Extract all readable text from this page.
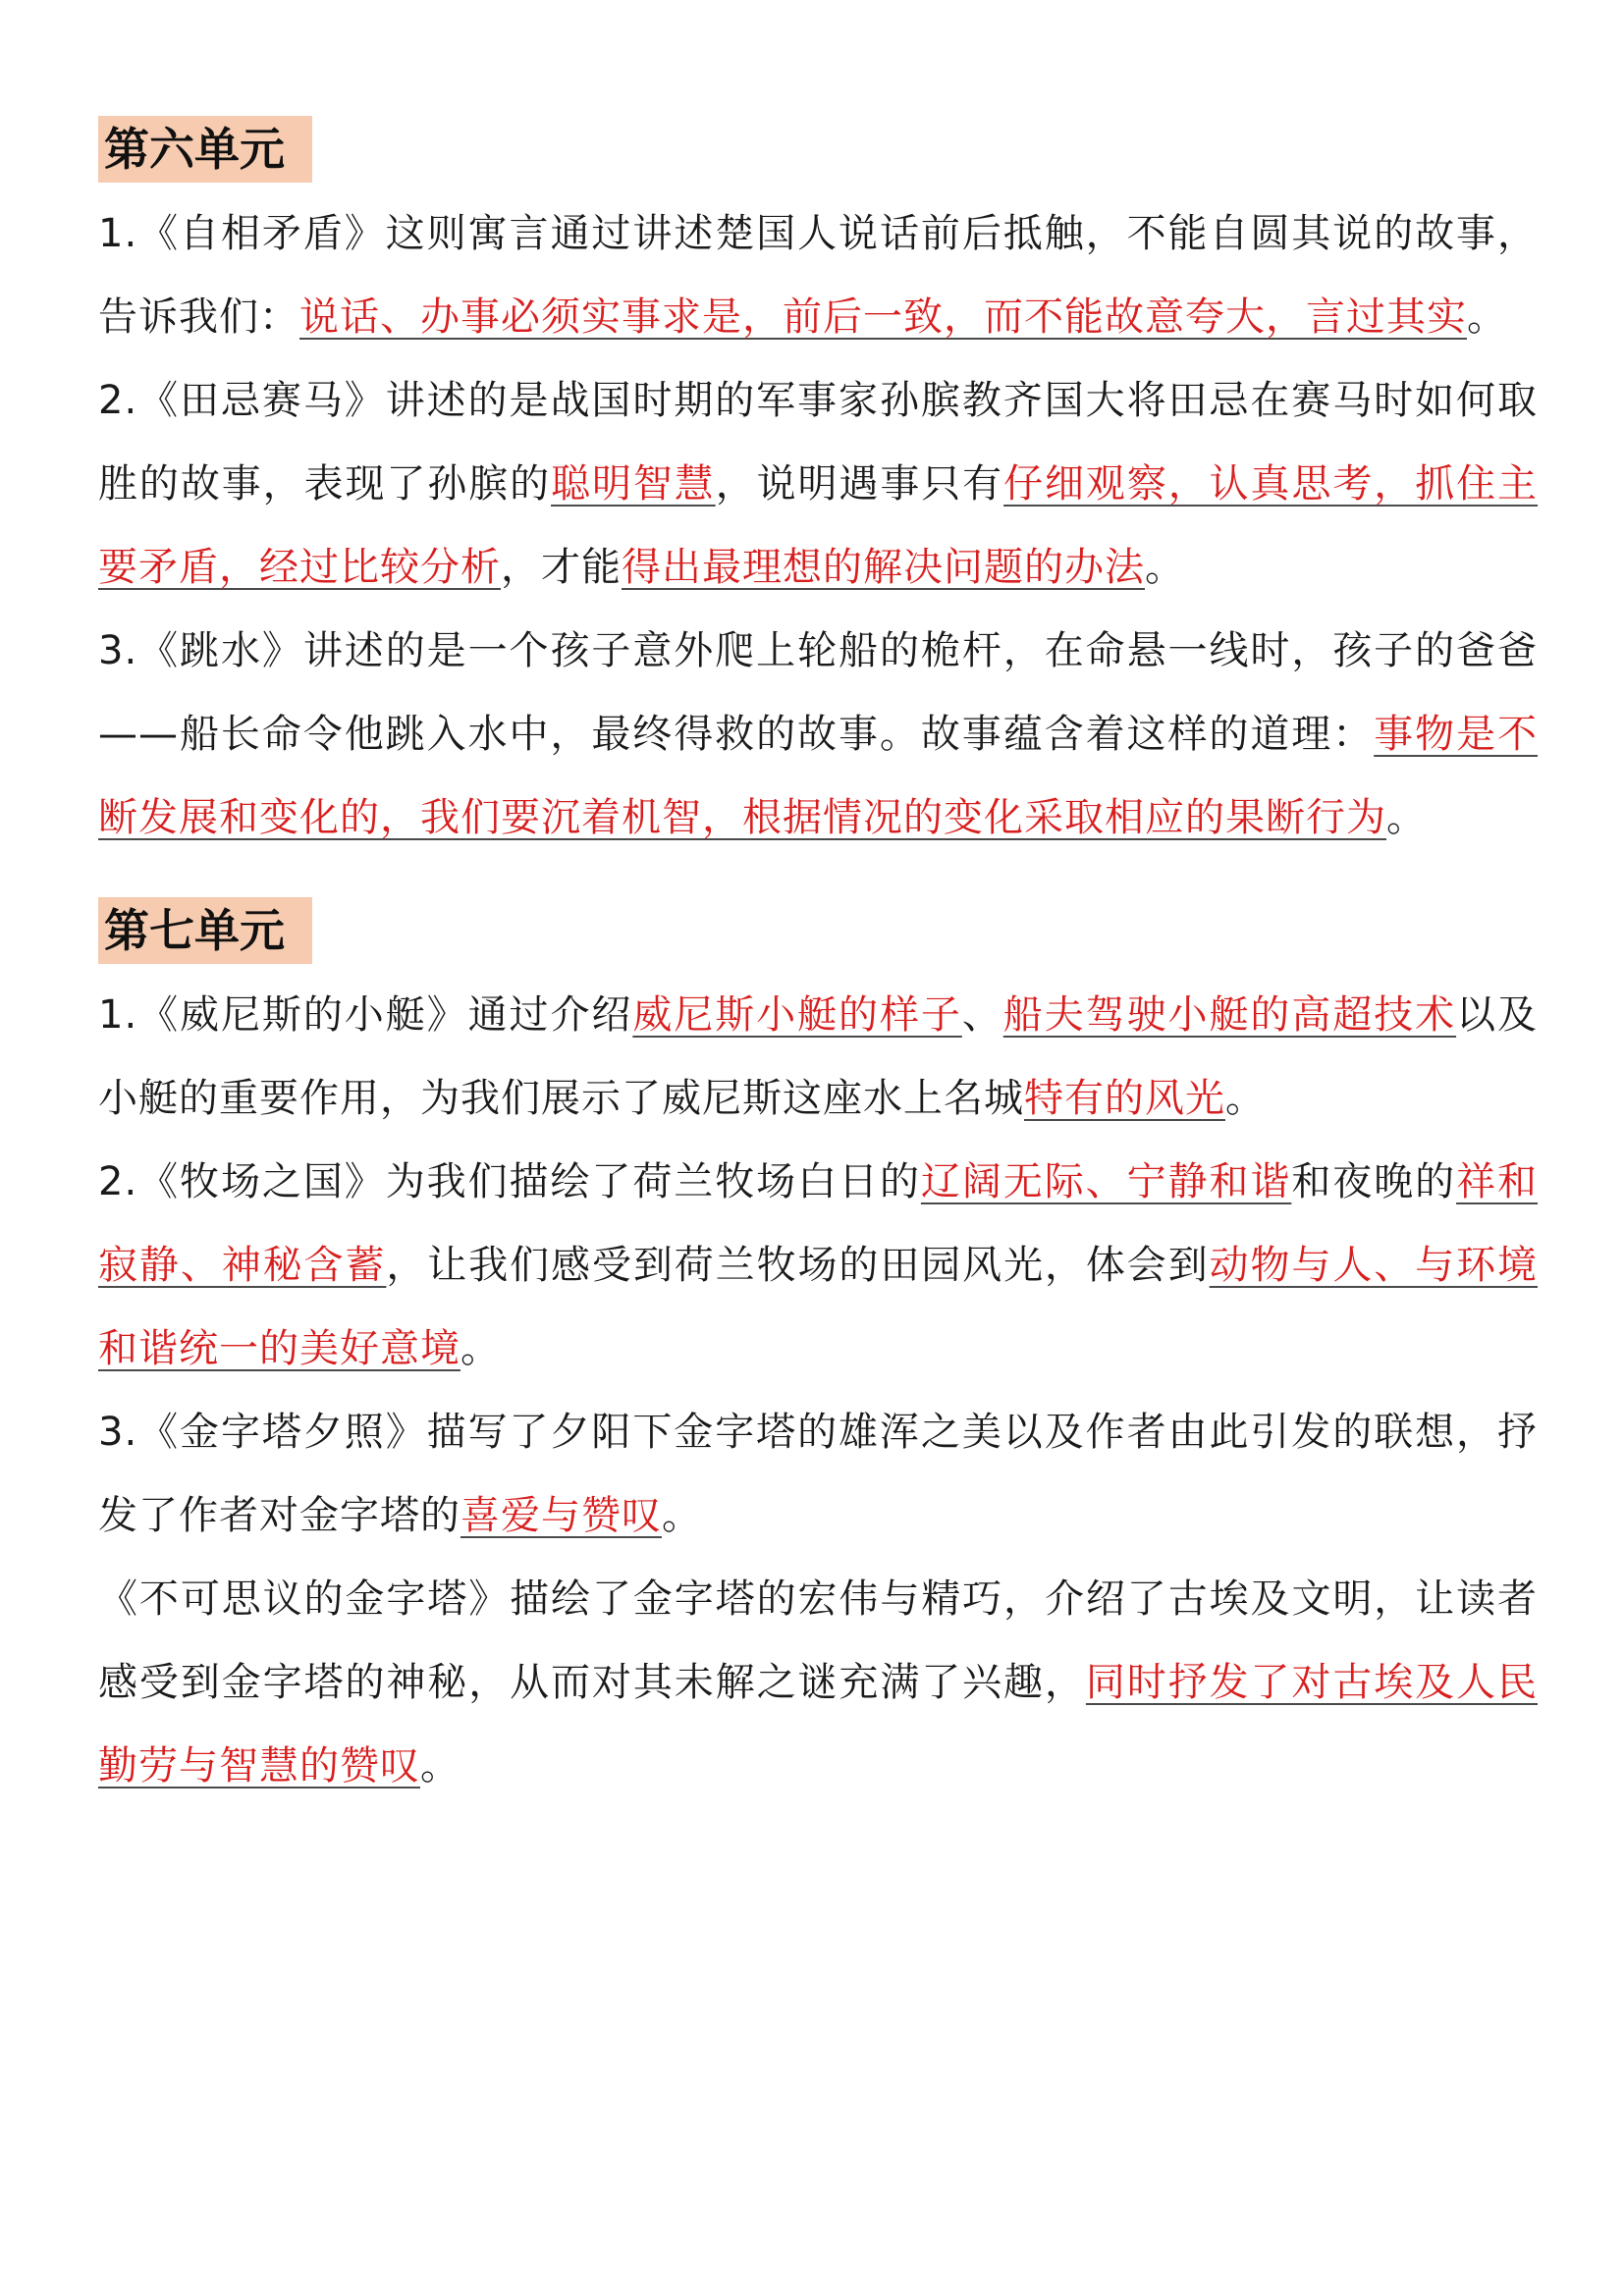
第六单元

1.《自相矛盾》这则寓言通过讲述楚国人说话前后抵触，不能自圆其说的故事，告诉我们：说话、办事必须实事求是，前后一致，而不能故意夸大，言过其实。

2.《田忌赛马》讲述的是战国时期的军事家孙膑教齐国大将田忌在赛马时如何取胜的故事，表现了孙膑的聪明智慧，说明遇事只有仔细观察，认真思考，抓住主要矛盾，经过比较分析，才能得出最理想的解决问题的办法。

3.《跳水》讲述的是一个孩子意外爬上轮船的桅杆，在命悬一线时，孩子的爸爸——船长命令他跳入水中，最终得救的故事。故事蕴含着这样的道理：事物是不断发展和变化的，我们要沉着机智，根据情况的变化采取相应的果断行为。

第七单元

1.《威尼斯的小艇》通过介绍威尼斯小艇的样子、船夫驾驶小艇的高超技术以及小艇的重要作用，为我们展示了威尼斯这座水上名城特有的风光。

2.《牧场之国》为我们描绘了荷兰牧场白日的辽阔无际、宁静和谐和夜晚的祥和寂静、神秘含蓄，让我们感受到荷兰牧场的田园风光，体会到动物与人、与环境和谐统一的美好意境。

3.《金字塔夕照》描写了夕阳下金字塔的雄浑之美以及作者由此引发的联想，抒发了作者对金字塔的喜爱与赞叹。

《不可思议的金字塔》描绘了金字塔的宏伟与精巧，介绍了古埃及文明，让读者感受到金字塔的神秘，从而对其未解之谜充满了兴趣，同时抒发了对古埃及人民勤劳与智慧的赞叹。
